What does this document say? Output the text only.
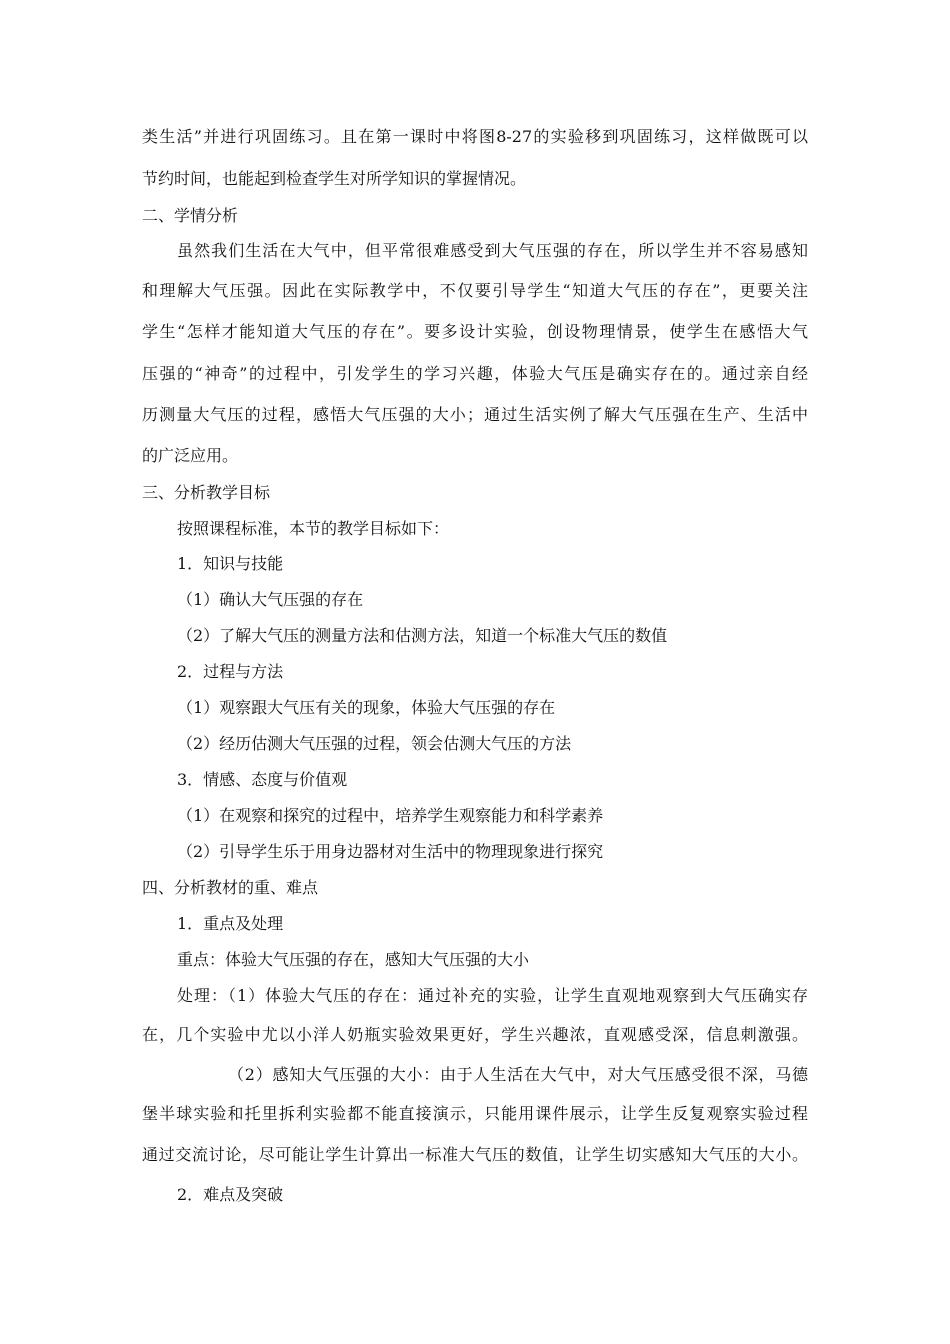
类生活”并进行巩固练习。且在第一课时中将图8-27的实验移到巩固练习，这样做既可以
节约时间，也能起到检查学生对所学知识的掌握情况。
二、学情分析
虽然我们生活在大气中，但平常很难感受到大气压强的存在，所以学生并不容易感知
和理解大气压强。因此在实际教学中，不仅要引导学生“知道大气压的存在”，更要关注
学生“怎样才能知道大气压的存在”。要多设计实验，创设物理情景，使学生在感悟大气
压强的“神奇”的过程中，引发学生的学习兴趣，体验大气压是确实存在的。通过亲自经
历测量大气压的过程，感悟大气压强的大小；通过生活实例了解大气压强在生产、生活中
的广泛应用。
三、分析教学目标
按照课程标准，本节的教学目标如下：
1．知识与技能
（1）确认大气压强的存在
（2）了解大气压的测量方法和估测方法，知道一个标准大气压的数值
2．过程与方法
（1）观察跟大气压有关的现象，体验大气压强的存在
（2）经历估测大气压强的过程，领会估测大气压的方法
3．情感、态度与价值观
（1）在观察和探究的过程中，培养学生观察能力和科学素养
（2）引导学生乐于用身边器材对生活中的物理现象进行探究
四、分析教材的重、难点
1．重点及处理
重点：体验大气压强的存在，感知大气压强的大小
处理：（1）体验大气压的存在：通过补充的实验，让学生直观地观察到大气压确实存
在，几个实验中尤以小洋人奶瓶实验效果更好，学生兴趣浓，直观感受深，信息刺激强。
（2）感知大气压强的大小：由于人生活在大气中，对大气压感受很不深，马德
堡半球实验和托里拆利实验都不能直接演示，只能用课件展示，让学生反复观察实验过程
通过交流讨论，尽可能让学生计算出一标准大气压的数值，让学生切实感知大气压的大小。
2．难点及突破
